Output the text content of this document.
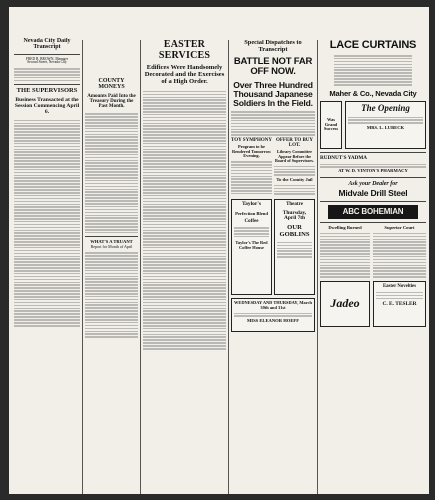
Nevada City Daily Transcript
FRED B. BROWN, Manager
Second Street, Nevada City
THE SUPERVISORS
Business Transacted at the Session Commencing April 6.
COUNTY MONEYS
Amounts Paid Into the Treasury During the Past Month.
WHAT'S A TRUANT
Report for Month of April
EASTER SERVICES
Edifices Were Handsomely Decorated and the Exercises of a High Order.
Special Dispatches to Transcript
BATTLE NOT FAR OFF NOW.
Over Three Hundred Thousand Japanese Soldiers In the Field.
TOY SYMPHONY
Program to be Rendered Tomorrow Evening.
OFFER TO BUY LOT.
Library Committee Appear Before the Board of Supervisors.
To the Comity Jail
Taylor's
Perfection Blend
Coffee
Taylor's The Red Coffee House
Theatre
Thursday, April 7th
OUR GOBLINS
WEDNESDAY AND THURSDAY, March 30th and 31st
MISS ELEANOR HOEFF
LACE CURTAINS
Maher & Co., Nevada City
Was Grand Success
The Opening
MRS. L. LUBECK
RUDNUT'S YADMA
AT W. D. VINTON'S PHARMACY
Ask your Dealer for
Midvale Drill Steel
ABC BOHEMIAN
Dwelling Burned
Jadeo
Superior Court
Easter Novelties
C. E. TESLER
